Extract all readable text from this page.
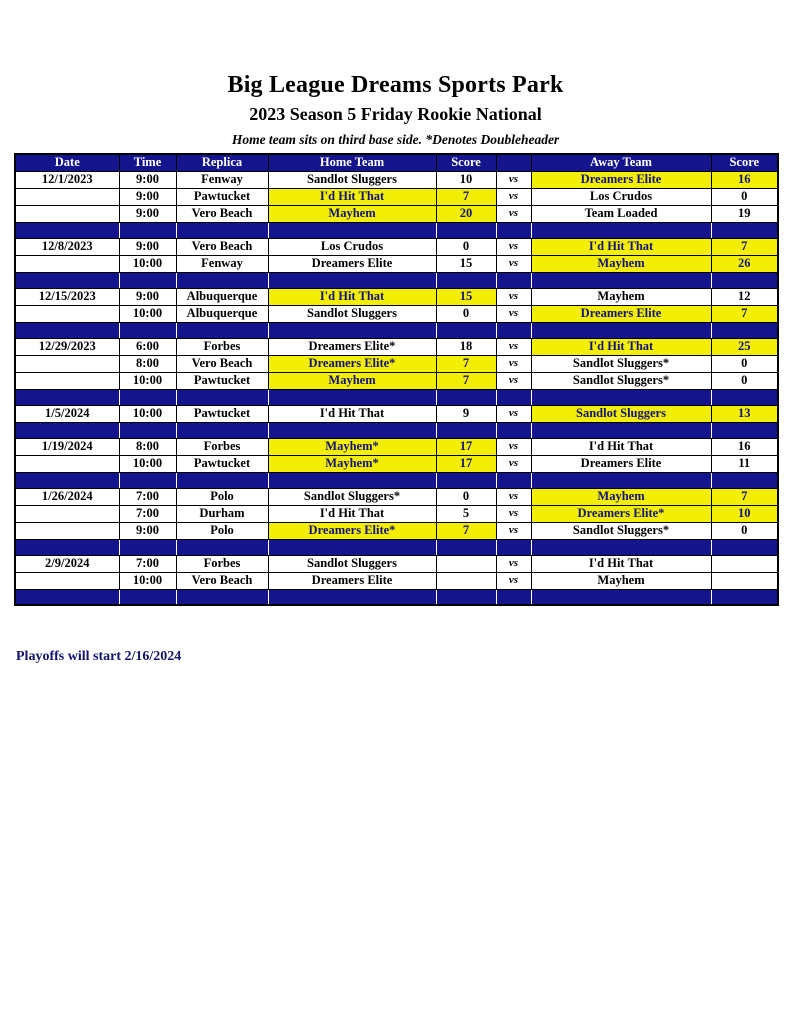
Big League Dreams Sports Park
2023 Season 5 Friday Rookie National
Home team sits on third base side. *Denotes Doubleheader
Date	Time	Replica	Home Team	Score		Away Team	Score
12/1/2023	9:00	Fenway	Sandlot Sluggers	10	vs	Dreamers Elite	16
	9:00	Pawtucket	I'd Hit That	7	vs	Los Crudos	0
	9:00	Vero Beach	Mayhem	20	vs	Team Loaded	19

12/8/2023	9:00	Vero Beach	Los Crudos	0	vs	I'd Hit That	7
	10:00	Fenway	Dreamers Elite	15	vs	Mayhem	26

12/15/2023	9:00	Albuquerque	I'd Hit That	15	vs	Mayhem	12
	10:00	Albuquerque	Sandlot Sluggers	0	vs	Dreamers Elite	7

12/29/2023	6:00	Forbes	Dreamers Elite*	18	vs	I'd Hit That	25
	8:00	Vero Beach	Dreamers Elite*	7	vs	Sandlot Sluggers*	0
	10:00	Pawtucket	Mayhem	7	vs	Sandlot Sluggers*	0

1/5/2024	10:00	Pawtucket	I'd Hit That	9	vs	Sandlot Sluggers	13

1/19/2024	8:00	Forbes	Mayhem*	17	vs	I'd Hit That	16
	10:00	Pawtucket	Mayhem*	17	vs	Dreamers Elite	11

1/26/2024	7:00	Polo	Sandlot Sluggers*	0	vs	Mayhem	7
	7:00	Durham	I'd Hit That	5	vs	Dreamers Elite*	10
	9:00	Polo	Dreamers Elite*	7	vs	Sandlot Sluggers*	0

2/9/2024	7:00	Forbes	Sandlot Sluggers		vs	I'd Hit That	
	10:00	Vero Beach	Dreamers Elite		vs	Mayhem	

Playoffs will start 2/16/2024
